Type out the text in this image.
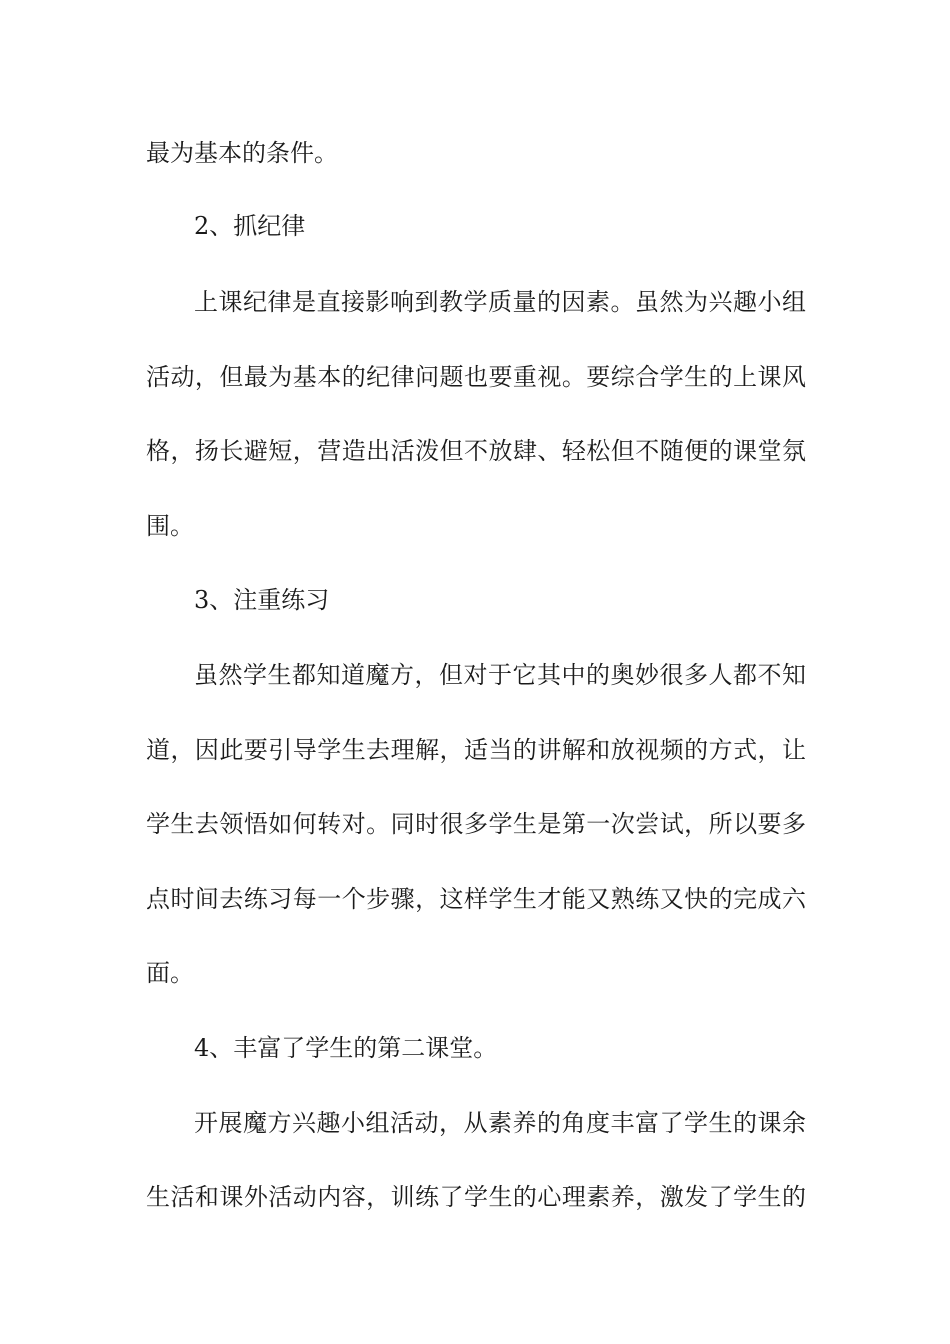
最为基本的条件。
2、抓纪律
上课纪律是直接影响到教学质量的因素。虽然为兴趣小组
活动，但最为基本的纪律问题也要重视。要综合学生的上课风
格，扬长避短，营造出活泼但不放肆、轻松但不随便的课堂氛
围。
3、注重练习
虽然学生都知道魔方，但对于它其中的奥妙很多人都不知
道，因此要引导学生去理解，适当的讲解和放视频的方式，让
学生去领悟如何转对。同时很多学生是第一次尝试，所以要多
点时间去练习每一个步骤，这样学生才能又熟练又快的完成六
面。
4、丰富了学生的第二课堂。
开展魔方兴趣小组活动，从素养的角度丰富了学生的课余
生活和课外活动内容，训练了学生的心理素养，激发了学生的
